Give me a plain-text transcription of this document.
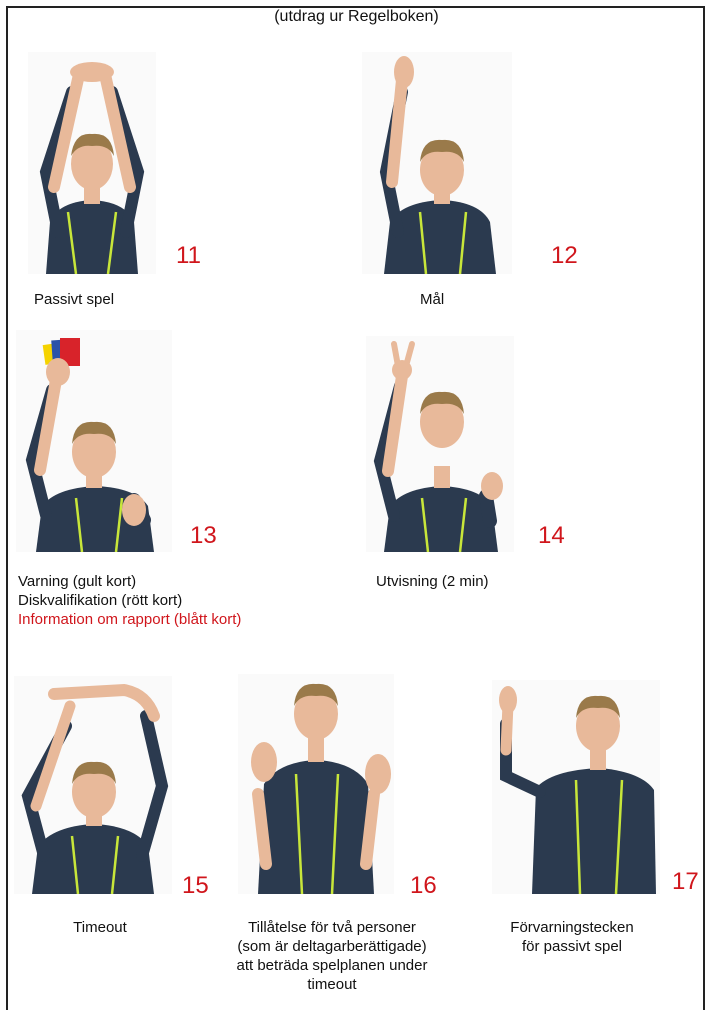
(utdrag ur Regelboken)
11
Passivt spel
12
Mål
13
Varning (gult kort)
Diskvalifikation (rött kort)
Information om rapport (blått kort)
14
Utvisning (2 min)
15
Timeout
16
Tillåtelse för två personer
(som är deltagarberättigade)
att beträda spelplanen under
timeout
17
Förvarningstecken
för passivt spel
